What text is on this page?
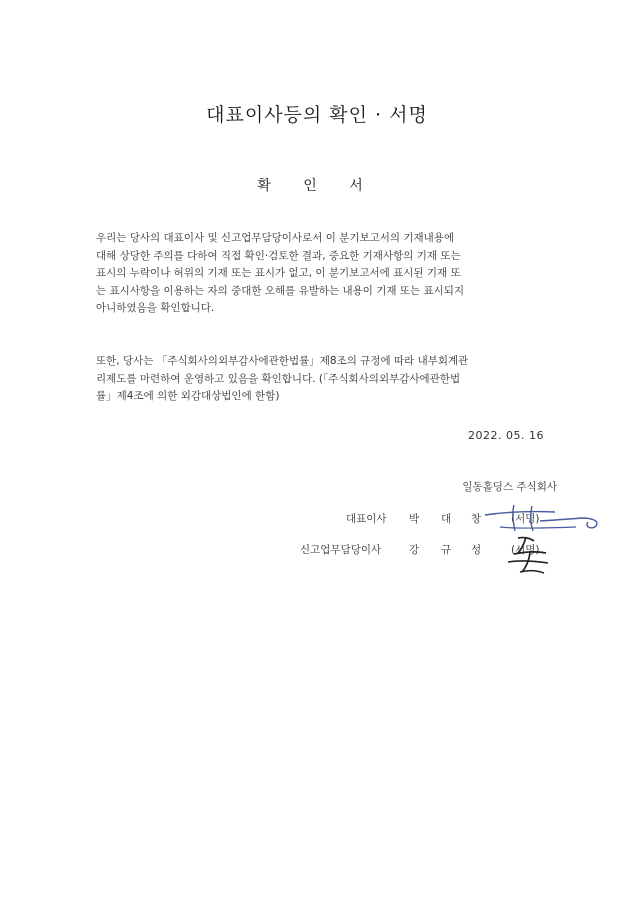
대표이사등의 확인 · 서명
확 인 서

우리는 당사의 대표이사 및 신고업무담당이사로서 이 분기보고서의 기재내용에
대해 상당한 주의를 다하여 직접 확인·검토한 결과, 중요한 기재사항의 기재 또는
표시의 누락이나 허위의 기재 또는 표시가 없고, 이 분기보고서에 표시된 기재 또
는 표시사항을 이용하는 자의 중대한 오해를 유발하는 내용이 기재 또는 표시되지
아니하였음을 확인합니다.

또한, 당사는 「주식회사의외부감사에관한법률」제8조의 규정에 따라 내부회계관
리제도를 마련하여 운영하고 있음을 확인합니다. (「주식회사의외부감사에관한법
률」제4조에 의한 외감대상법인에 한함)

2022. 05. 16
일동홀딩스 주식회사
대표이사 박 대 창	(서명)
신고업무담당이사	강 규 성	(서명)
